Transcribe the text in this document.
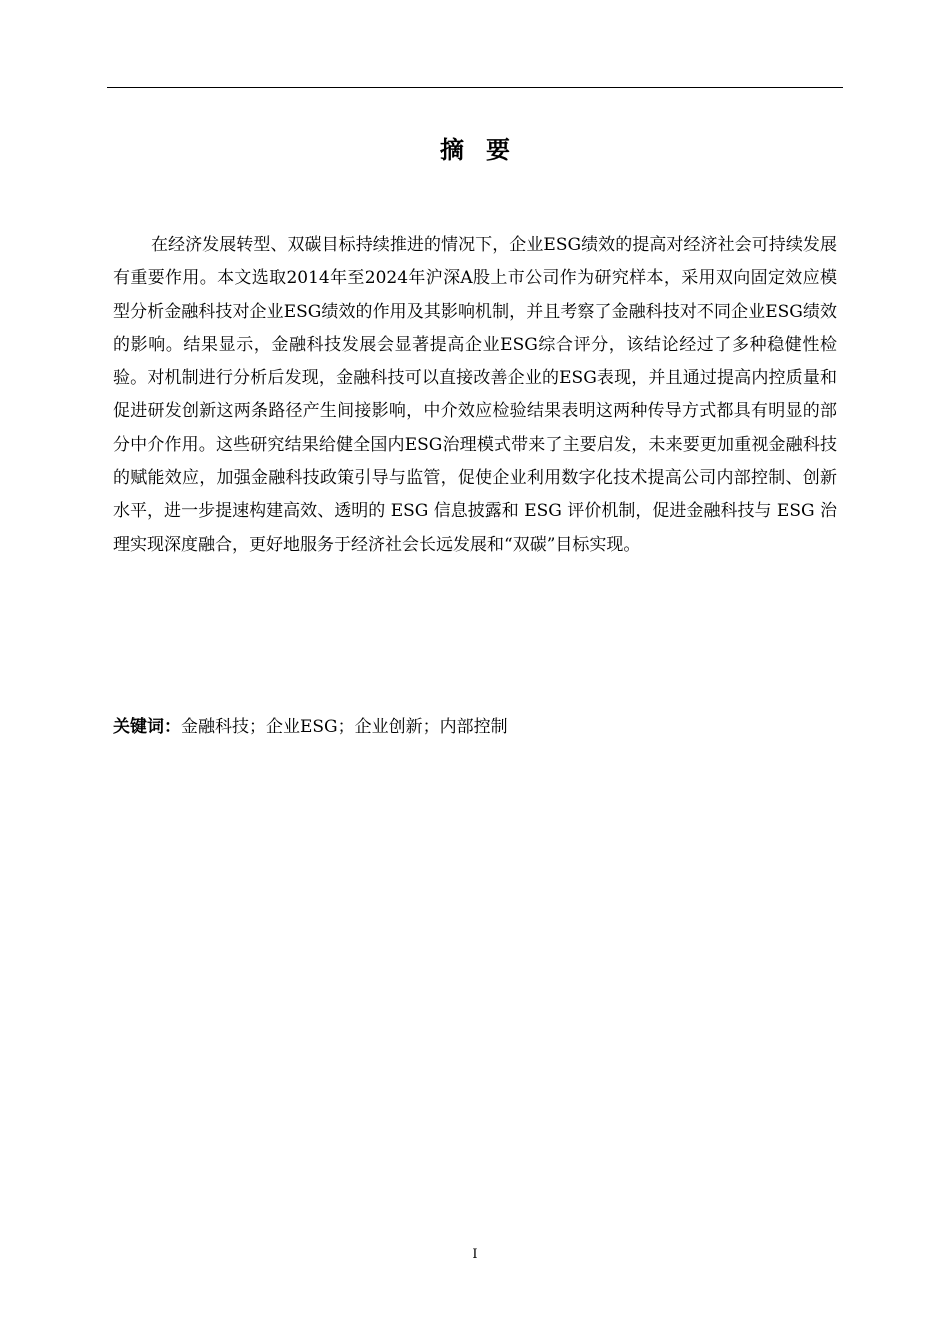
摘要

在经济发展转型、双碳目标持续推进的情况下，企业ESG绩效的提高对经济社会可持续发展有重要作用。本文选取2014年至2024年沪深A股上市公司作为研究样本，采用双向固定效应模型分析金融科技对企业ESG绩效的作用及其影响机制，并且考察了金融科技对不同企业ESG绩效的影响。结果显示，金融科技发展会显著提高企业ESG综合评分，该结论经过了多种稳健性检验。对机制进行分析后发现，金融科技可以直接改善企业的ESG表现，并且通过提高内控质量和促进研发创新这两条路径产生间接影响，中介效应检验结果表明这两种传导方式都具有明显的部分中介作用。这些研究结果给健全国内ESG治理模式带来了主要启发，未来要更加重视金融科技的赋能效应，加强金融科技政策引导与监管，促使企业利用数字化技术提高公司内部控制、创新水平，进一步提速构建高效、透明的 ESG 信息披露和 ESG 评价机制，促进金融科技与 ESG 治理实现深度融合，更好地服务于经济社会长远发展和“双碳”目标实现。

关键词：金融科技；企业ESG；企业创新；内部控制
I
